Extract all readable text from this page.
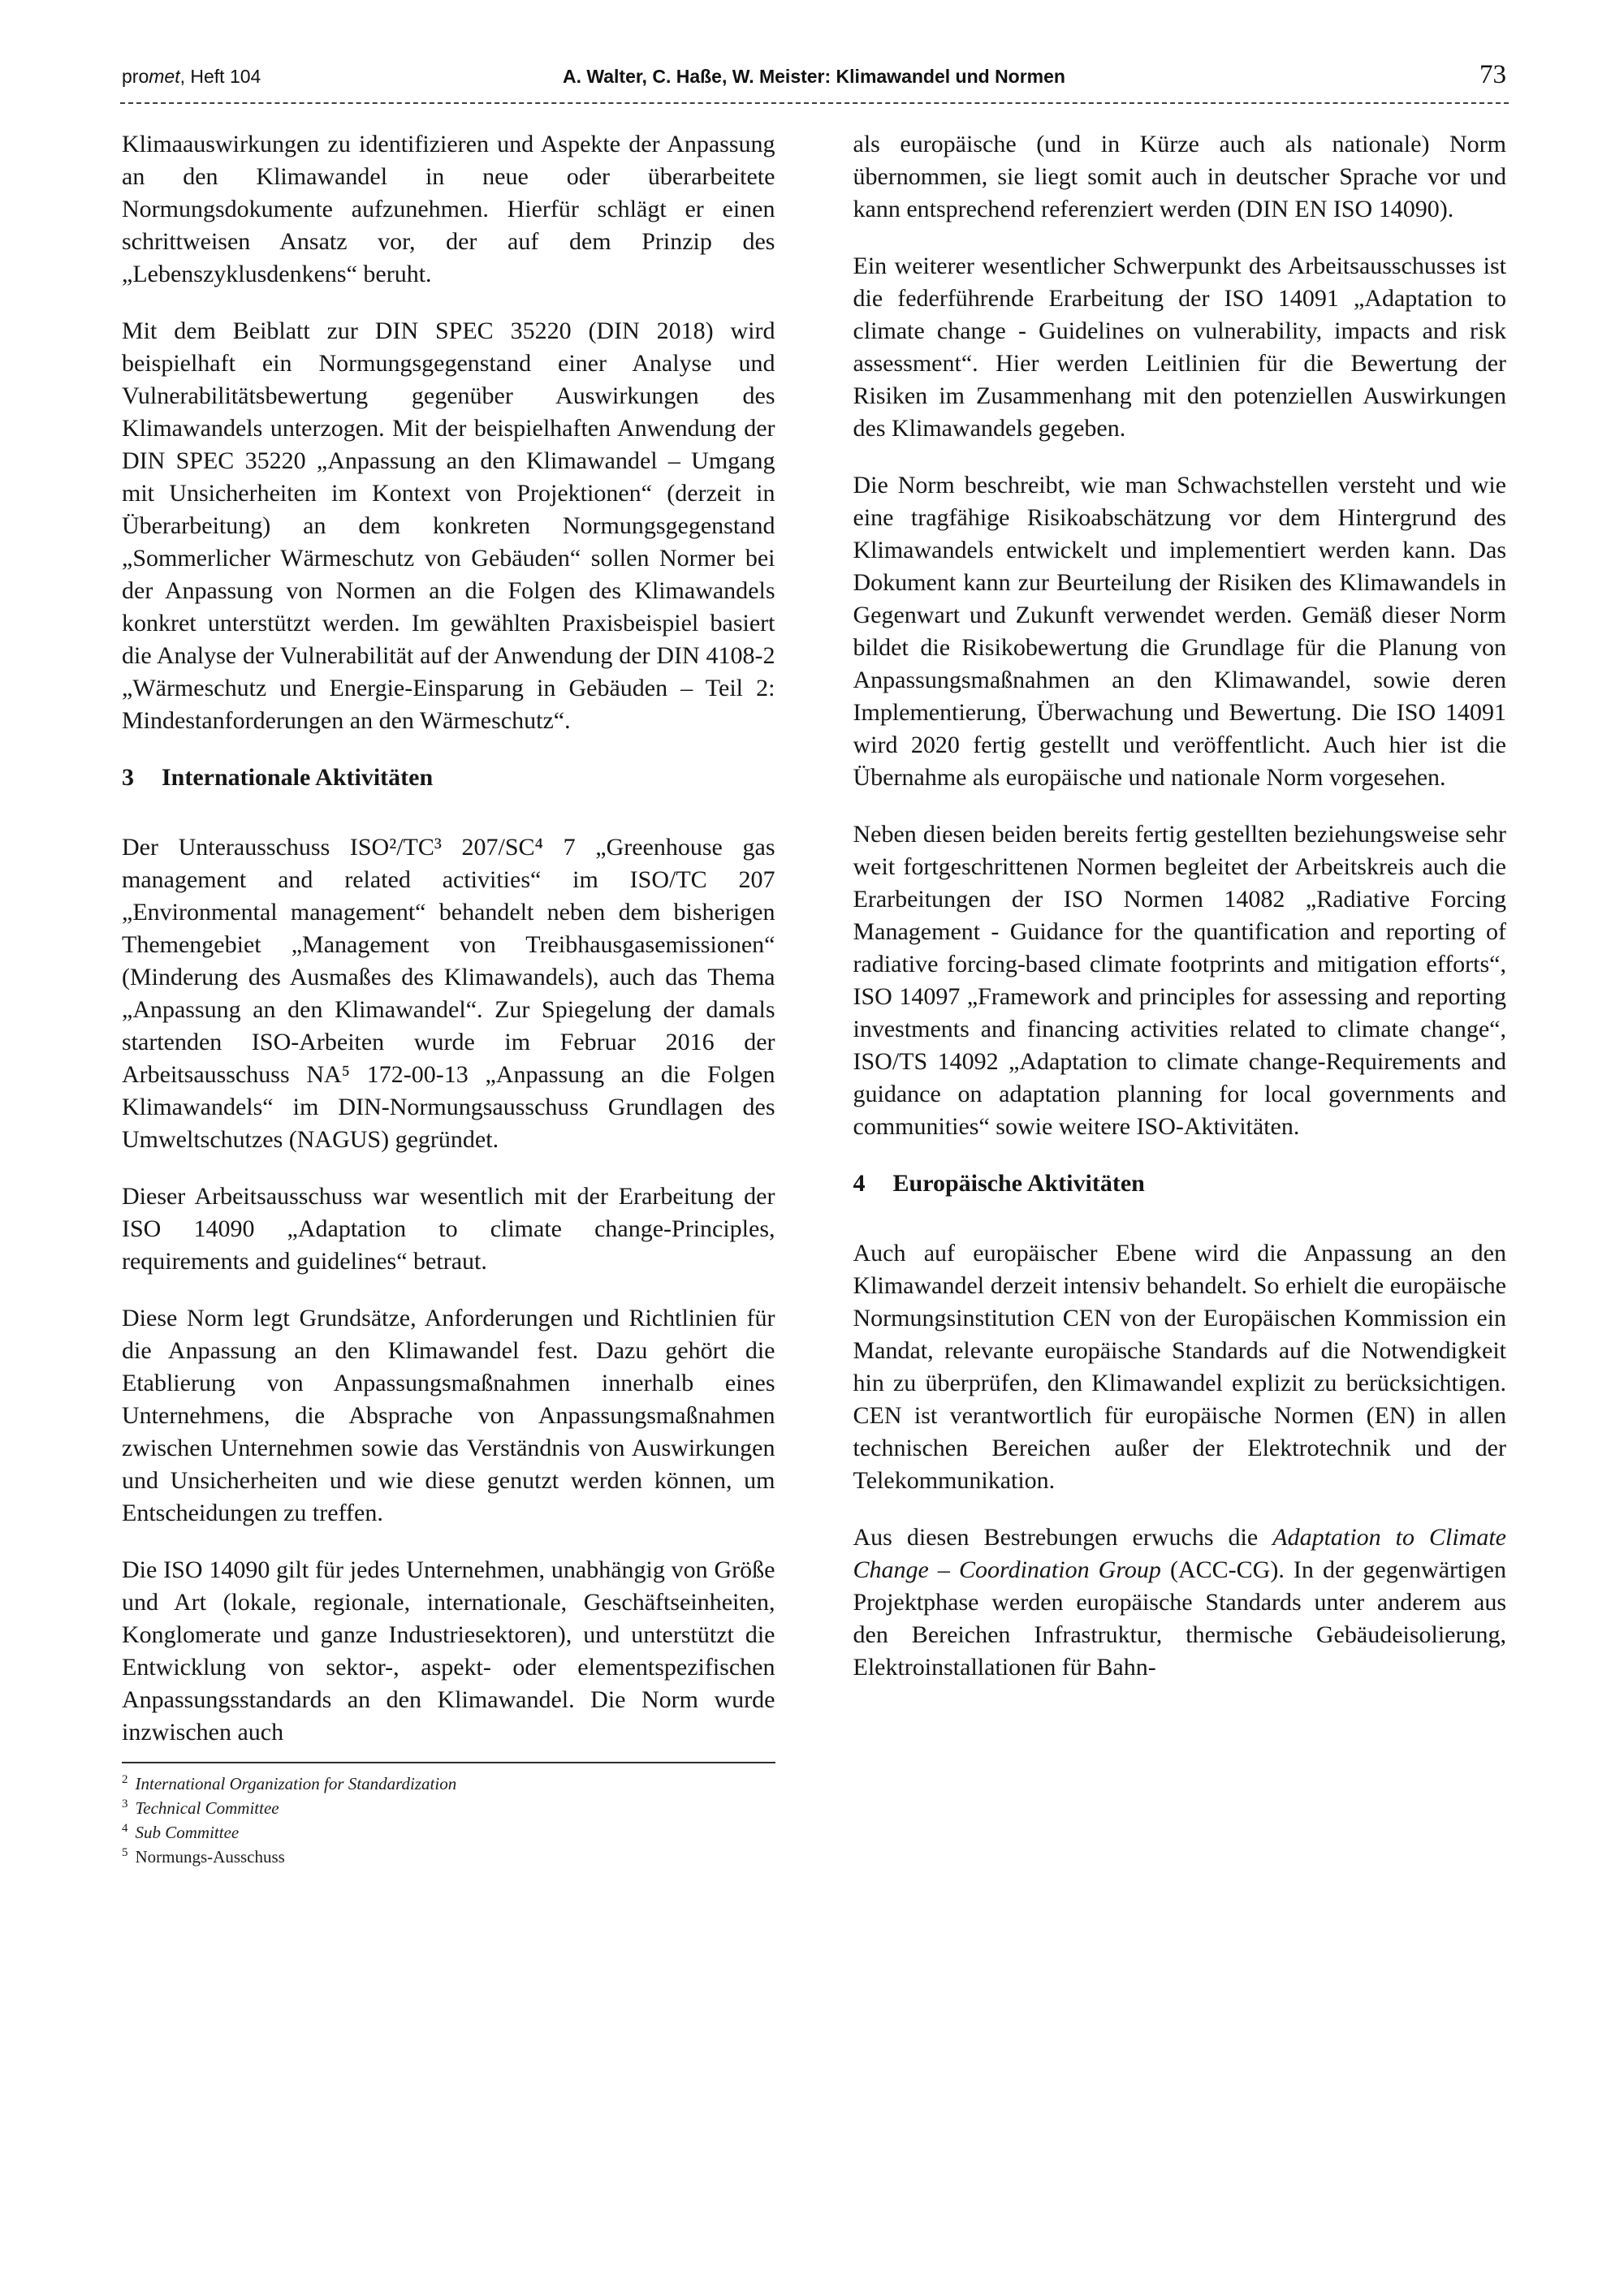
promet, Heft 104	A. Walter, C. Haße, W. Meister: Klimawandel und Normen	73

Klimaauswirkungen zu identifizieren und Aspekte der Anpassung an den Klimawandel in neue oder überarbeitete Normungsdokumente aufzunehmen. Hierfür schlägt er einen schrittweisen Ansatz vor, der auf dem Prinzip des „Lebenszyklusdenkens“ beruht.

Mit dem Beiblatt zur DIN SPEC 35220 (DIN 2018) wird beispielhaft ein Normungsgegenstand einer Analyse und Vulnerabilitätsbewertung gegenüber Auswirkungen des Klimawandels unterzogen. Mit der beispielhaften Anwendung der DIN SPEC 35220 „Anpassung an den Klimawandel – Umgang mit Unsicherheiten im Kontext von Projektionen“ (derzeit in Überarbeitung) an dem konkreten Normungsgegenstand „Sommerlicher Wärmeschutz von Gebäuden“ sollen Normer bei der Anpassung von Normen an die Folgen des Klimawandels konkret unterstützt werden. Im gewählten Praxisbeispiel basiert die Analyse der Vulnerabilität auf der Anwendung der DIN 4108-2 „Wärmeschutz und Energie-Einsparung in Gebäuden – Teil 2: Mindestanforderungen an den Wärmeschutz“.

3 Internationale Aktivitäten

Der Unterausschuss ISO²/TC³ 207/SC⁴ 7 „Greenhouse gas management and related activities“ im ISO/TC 207 „Environmental management“ behandelt neben dem bisherigen Themengebiet „Management von Treibhausgasemissionen“ (Minderung des Ausmaßes des Klimawandels), auch das Thema „Anpassung an den Klimawandel“. Zur Spiegelung der damals startenden ISO-Arbeiten wurde im Februar 2016 der Arbeitsausschuss NA⁵ 172-00-13 „Anpassung an die Folgen Klimawandels“ im DIN-Normungsausschuss Grundlagen des Umweltschutzes (NAGUS) gegründet.

Dieser Arbeitsausschuss war wesentlich mit der Erarbeitung der ISO 14090 „Adaptation to climate change-Principles, requirements and guidelines“ betraut.

Diese Norm legt Grundsätze, Anforderungen und Richtlinien für die Anpassung an den Klimawandel fest. Dazu gehört die Etablierung von Anpassungsmaßnahmen innerhalb eines Unternehmens, die Absprache von Anpassungsmaßnahmen zwischen Unternehmen sowie das Verständnis von Auswirkungen und Unsicherheiten und wie diese genutzt werden können, um Entscheidungen zu treffen.

Die ISO 14090 gilt für jedes Unternehmen, unabhängig von Größe und Art (lokale, regionale, internationale, Geschäftseinheiten, Konglomerate und ganze Industriesektoren), und unterstützt die Entwicklung von sektor-, aspekt- oder elementspezifischen Anpassungsstandards an den Klimawandel. Die Norm wurde inzwischen auch

$^2$ International Organization for Standardization
$^3$ Technical Committee
$^4$ Sub Committee
$^5$ Normungs-Ausschuss

als europäische (und in Kürze auch als nationale) Norm übernommen, sie liegt somit auch in deutscher Sprache vor und kann entsprechend referenziert werden (DIN EN ISO 14090).

Ein weiterer wesentlicher Schwerpunkt des Arbeitsausschusses ist die federführende Erarbeitung der ISO 14091 „Adaptation to climate change - Guidelines on vulnerability, impacts and risk assessment“. Hier werden Leitlinien für die Bewertung der Risiken im Zusammenhang mit den potenziellen Auswirkungen des Klimawandels gegeben.

Die Norm beschreibt, wie man Schwachstellen versteht und wie eine tragfähige Risikoabschätzung vor dem Hintergrund des Klimawandels entwickelt und implementiert werden kann. Das Dokument kann zur Beurteilung der Risiken des Klimawandels in Gegenwart und Zukunft verwendet werden. Gemäß dieser Norm bildet die Risikobewertung die Grundlage für die Planung von Anpassungsmaßnahmen an den Klimawandel, sowie deren Implementierung, Überwachung und Bewertung. Die ISO 14091 wird 2020 fertig gestellt und veröffentlicht. Auch hier ist die Übernahme als europäische und nationale Norm vorgesehen.

Neben diesen beiden bereits fertig gestellten beziehungsweise sehr weit fortgeschrittenen Normen begleitet der Arbeitskreis auch die Erarbeitungen der ISO Normen 14082 „Radiative Forcing Management - Guidance for the quantification and reporting of radiative forcing-based climate footprints and mitigation efforts“, ISO 14097 „Framework and principles for assessing and reporting investments and financing activities related to climate change“, ISO/TS 14092 „Adaptation to climate change-Requirements and guidance on adaptation planning for local governments and communities“ sowie weitere ISO-Aktivitäten.

4 Europäische Aktivitäten

Auch auf europäischer Ebene wird die Anpassung an den Klimawandel derzeit intensiv behandelt. So erhielt die europäische Normungsinstitution CEN von der Europäischen Kommission ein Mandat, relevante europäische Standards auf die Notwendigkeit hin zu überprüfen, den Klimawandel explizit zu berücksichtigen. CEN ist verantwortlich für europäische Normen (EN) in allen technischen Bereichen außer der Elektrotechnik und der Telekommunikation.

Aus diesen Bestrebungen erwuchs die Adaptation to Climate Change – Coordination Group (ACC-CG). In der gegenwärtigen Projektphase werden europäische Standards unter anderem aus den Bereichen Infrastruktur, thermische Gebäudeisolierung, Elektroinstallationen für Bahn-
